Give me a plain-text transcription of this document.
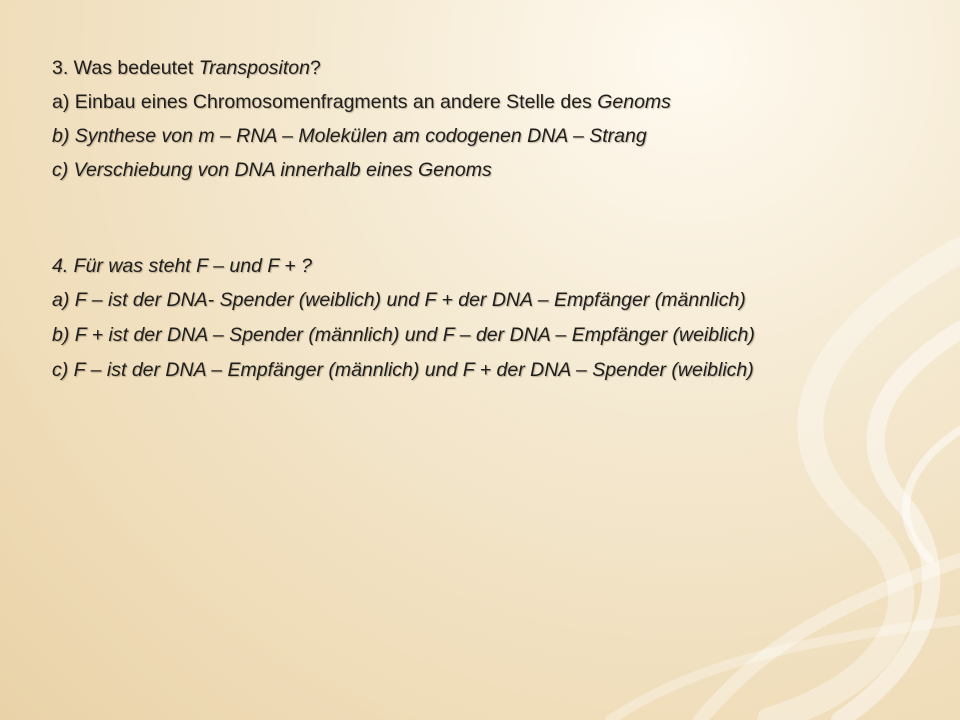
3. Was bedeutet Transpositon?

a) Einbau eines Chromosomenfragments an andere Stelle des Genoms

b) Synthese von m – RNA – Molekülen am codogenen DNA – Strang

c) Verschiebung von DNA innerhalb eines Genoms

4. Für was steht F – und F + ?

a) F – ist der DNA- Spender (weiblich) und F + der DNA – Empfänger (männlich)

b) F + ist der DNA – Spender (männlich) und F – der DNA – Empfänger (weiblich)

c) F – ist der DNA – Empfänger (männlich) und F + der DNA – Spender (weiblich)
